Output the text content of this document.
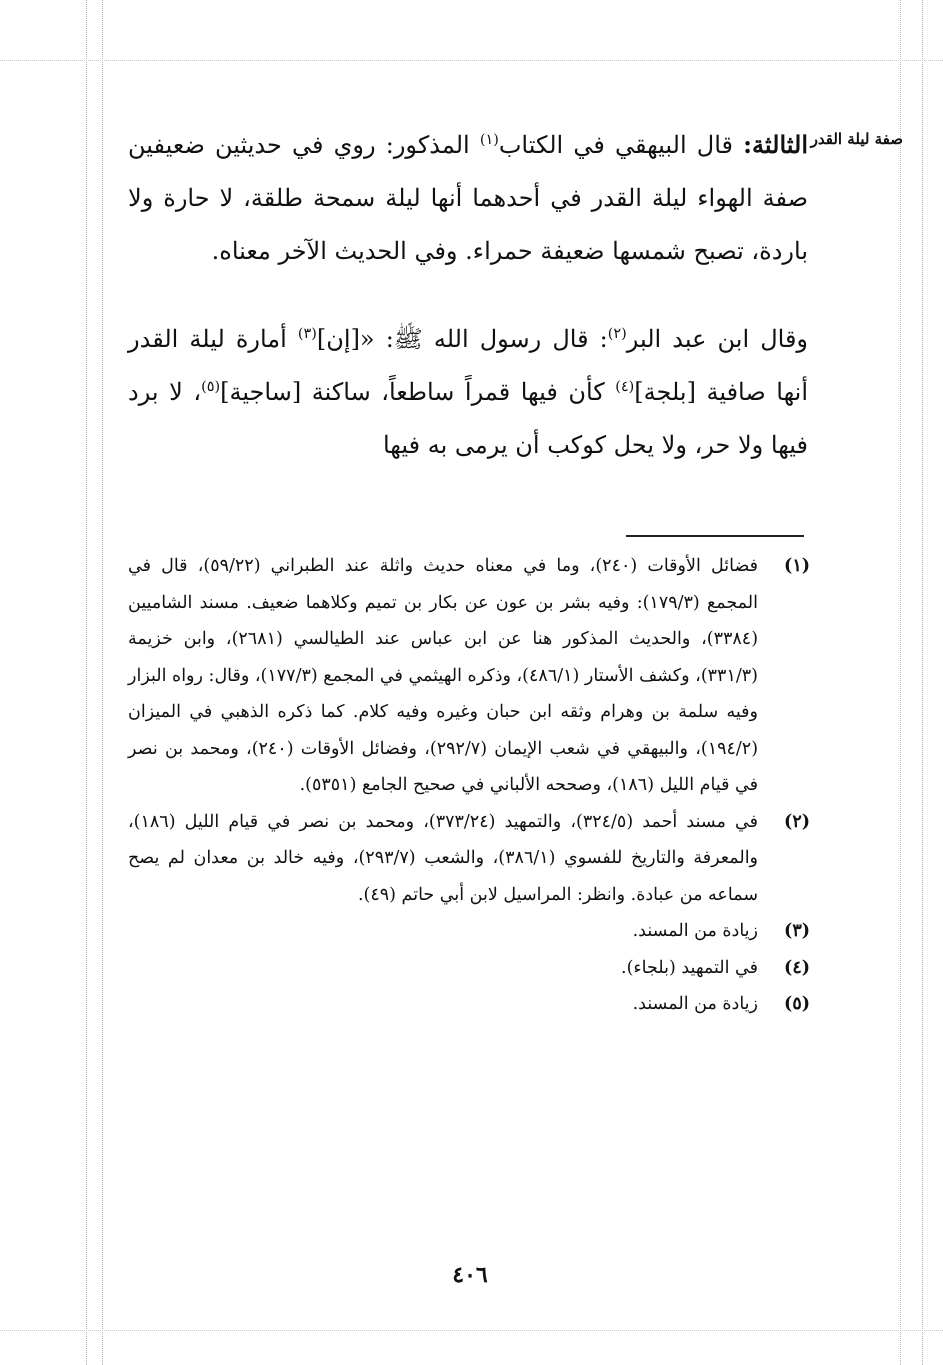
صفة ليلة القدر

الثالثة: قال البيهقي في الكتاب$^{(١)}$ المذكور: روي في حديثين ضعيفين صفة الهواء ليلة القدر في أحدهما أنها ليلة سمحة طلقة، لا حارة ولا باردة، تصبح شمسها ضعيفة حمراء. وفي الحديث الآخر معناه.

وقال ابن عبد البر$^{(٢)}$: قال رسول الله ﷺ: «[إن]$^{(٣)}$ أمارة ليلة القدر أنها صافية [بلجة]$^{(٤)}$ كأن فيها قمراً ساطعاً، ساكنة [ساجية]$^{(٥)}$، لا برد فيها ولا حر، ولا يحل كوكب أن يرمى به فيها

(١)
فضائل الأوقات (٢٤٠)، وما في معناه حديث واثلة عند الطبراني (٥٩/٢٢)، قال في المجمع (١٧٩/٣): وفيه بشر بن عون عن بكار بن تميم وكلاهما ضعيف. مسند الشاميين (٣٣٨٤)، والحديث المذكور هنا عن ابن عباس عند الطيالسي (٢٦٨١)، وابن خزيمة (٣٣١/٣)، وكشف الأستار (٤٨٦/١)، وذكره الهيثمي في المجمع (١٧٧/٣)، وقال: رواه البزار وفيه سلمة بن وهرام وثقه ابن حبان وغيره وفيه كلام. كما ذكره الذهبي في الميزان (١٩٤/٢)، والبيهقي في شعب الإيمان (٢٩٢/٧)، وفضائل الأوقات (٢٤٠)، ومحمد بن نصر في قيام الليل (١٨٦)، وصححه الألباني في صحيح الجامع (٥٣٥١).
(٢)
في مسند أحمد (٣٢٤/٥)، والتمهيد (٣٧٣/٢٤)، ومحمد بن نصر في قيام الليل (١٨٦)، والمعرفة والتاريخ للفسوي (٣٨٦/١)، والشعب (٢٩٣/٧)، وفيه خالد بن معدان لم يصح سماعه من عبادة. وانظر: المراسيل لابن أبي حاتم (٤٩).
(٣)
زيادة من المسند.
(٤)
في التمهيد (بلجاء).
(٥)
زيادة من المسند.
٤٠٦
